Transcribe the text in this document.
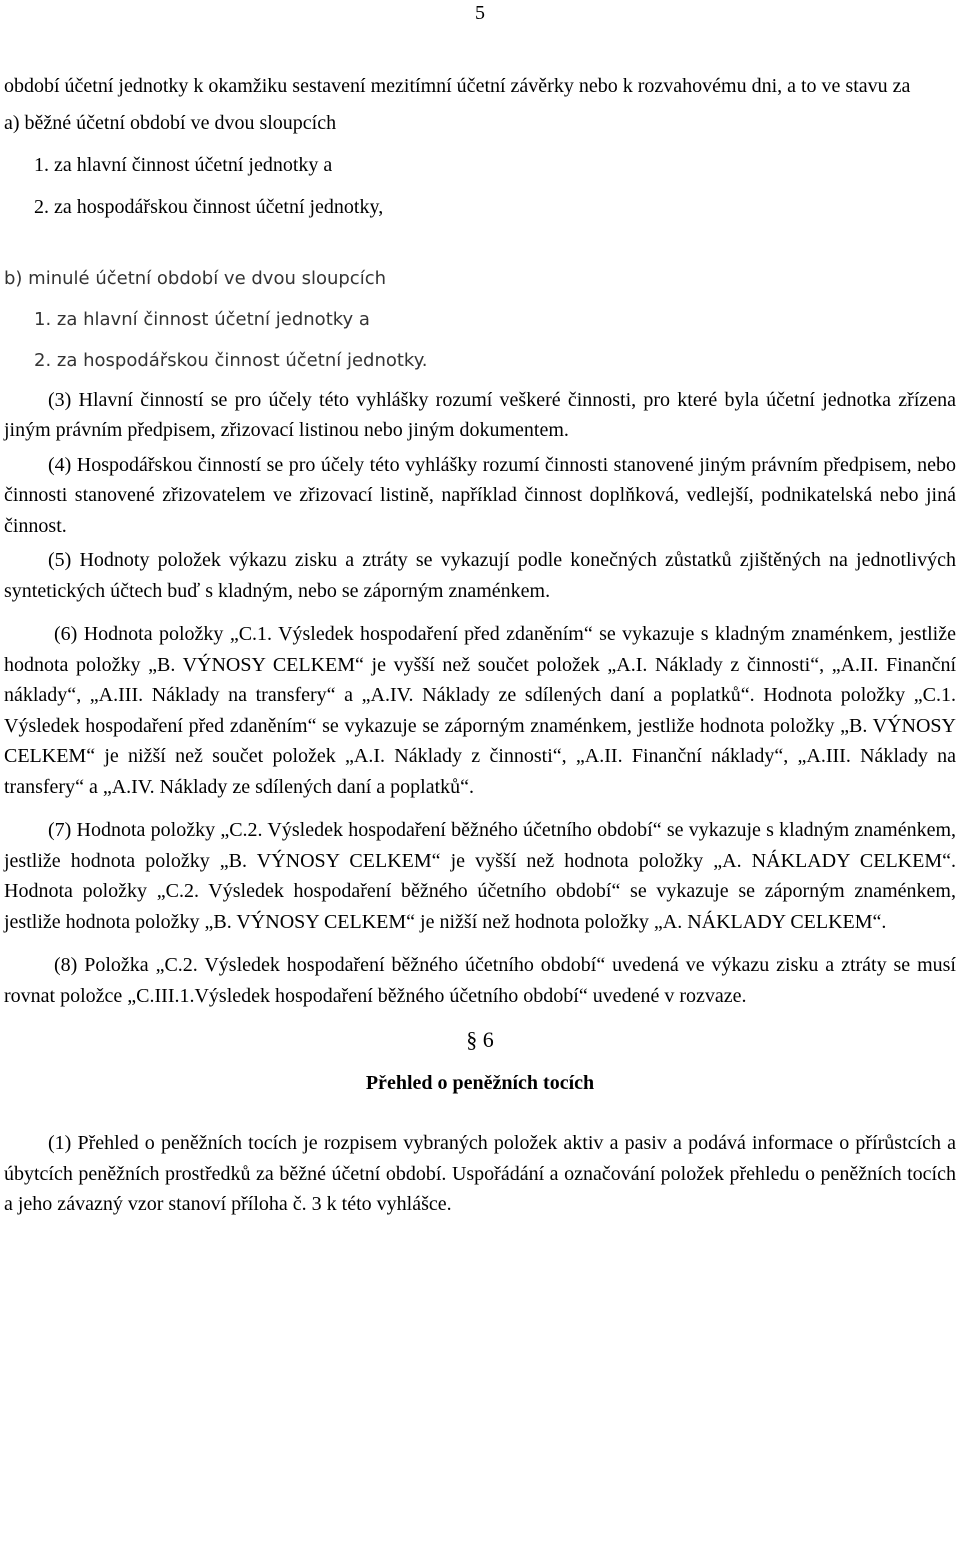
5

období účetní jednotky k okamžiku sestavení mezitímní účetní závěrky nebo k rozvahovému dni, a to ve stavu za

a) běžné účetní období ve dvou sloupcích

1. za hlavní činnost účetní jednotky a

2. za hospodářskou činnost účetní jednotky,

b) minulé účetní období ve dvou sloupcích

1. za hlavní činnost účetní jednotky a

2. za hospodářskou činnost účetní jednotky.

(3) Hlavní činností se pro účely této vyhlášky rozumí veškeré činnosti, pro které byla účetní jednotka zřízena jiným právním předpisem, zřizovací listinou nebo jiným dokumentem.

(4) Hospodářskou činností se pro účely této vyhlášky rozumí činnosti stanovené jiným právním předpisem, nebo činnosti stanovené zřizovatelem ve zřizovací listině, například činnost doplňková, vedlejší, podnikatelská nebo jiná činnost.

(5) Hodnoty položek výkazu zisku a ztráty se vykazují podle konečných zůstatků zjištěných na jednotlivých syntetických účtech buď s kladným, nebo se záporným znaménkem.

(6) Hodnota položky „C.1. Výsledek hospodaření před zdaněním“ se vykazuje s kladným znaménkem, jestliže hodnota položky „B. VÝNOSY CELKEM“ je vyšší než součet položek „A.I. Náklady z činnosti“, „A.II. Finanční náklady“, „A.III. Náklady na transfery“ a „A.IV. Náklady ze sdílených daní a poplatků“. Hodnota položky „C.1. Výsledek hospodaření před zdaněním“ se vykazuje se záporným znaménkem, jestliže hodnota položky „B. VÝNOSY CELKEM“ je nižší než součet položek „A.I. Náklady z činnosti“, „A.II. Finanční náklady“, „A.III. Náklady na transfery“ a „A.IV. Náklady ze sdílených daní a poplatků“.

(7) Hodnota položky „C.2. Výsledek hospodaření běžného účetního období“ se vykazuje s kladným znaménkem, jestliže hodnota položky „B. VÝNOSY CELKEM“ je vyšší než hodnota položky „A. NÁKLADY CELKEM“. Hodnota položky „C.2. Výsledek hospodaření běžného účetního období“ se vykazuje se záporným znaménkem, jestliže hodnota položky „B. VÝNOSY CELKEM“ je nižší než hodnota položky „A. NÁKLADY CELKEM“.

(8) Položka „C.2. Výsledek hospodaření běžného účetního období“ uvedená ve výkazu zisku a ztráty se musí rovnat položce „C.III.1.Výsledek hospodaření běžného účetního období“ uvedené v rozvaze.

§ 6

Přehled o peněžních tocích

(1) Přehled o peněžních tocích je rozpisem vybraných položek aktiv a pasiv a podává informace o přírůstcích a úbytcích peněžních prostředků za běžné účetní období. Uspořádání a označování položek přehledu o peněžních tocích a jeho závazný vzor stanoví příloha č. 3 k této vyhlášce.
